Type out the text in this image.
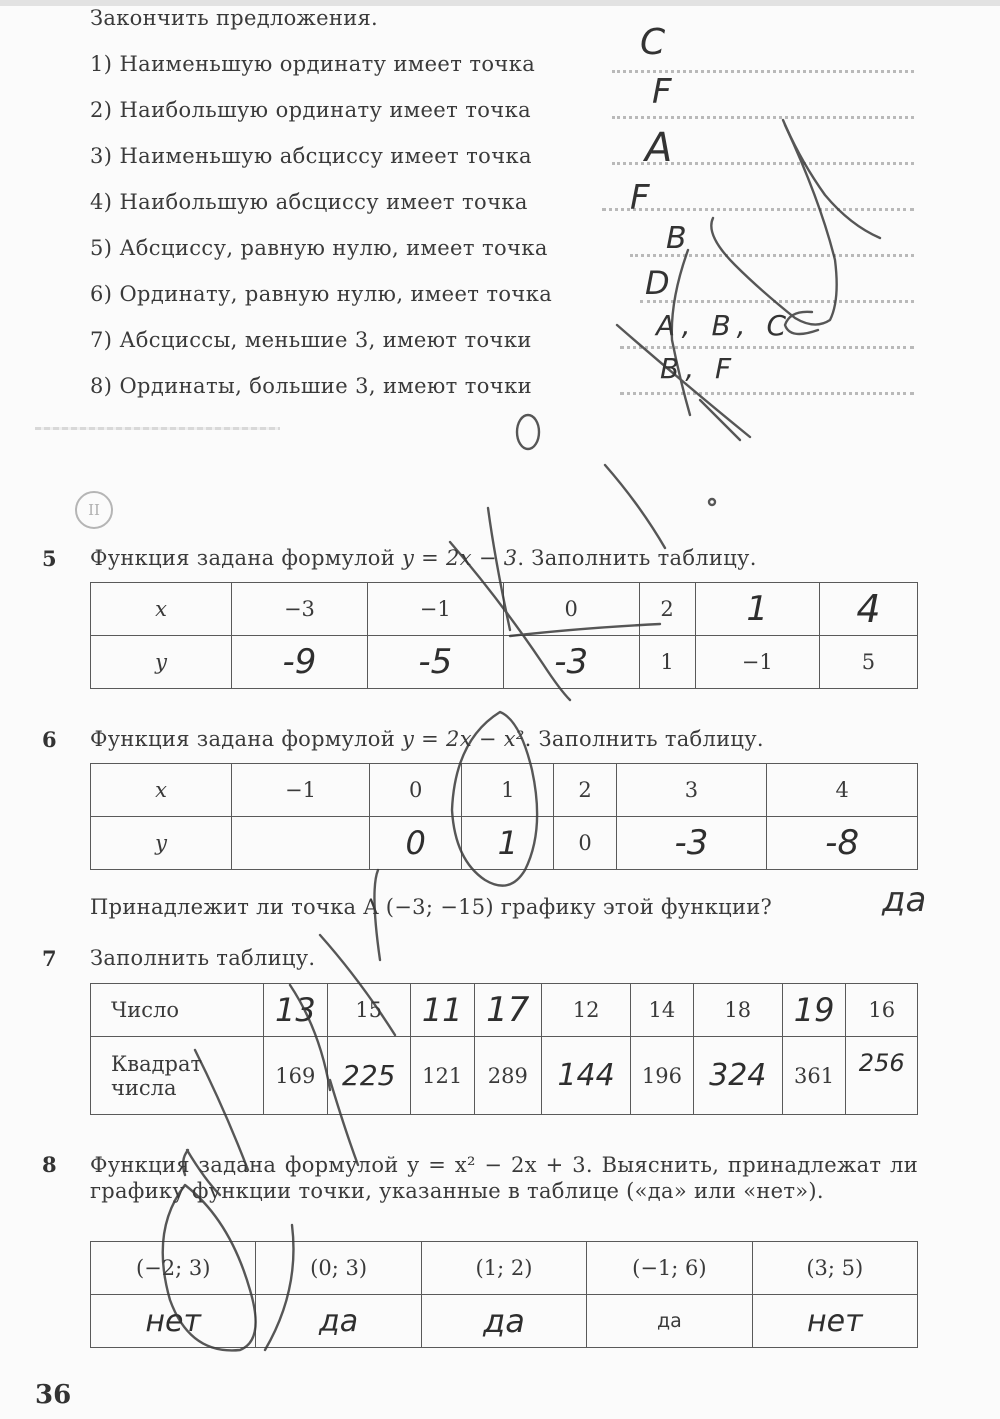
Закончить предложения.
1) Наименьшую ординату имеет точка
2) Наибольшую ординату имеет точка
3) Наименьшую абсциссу имеет точка
4) Наибольшую абсциссу имеет точка
5) Абсциссу, равную нулю, имеет точка
6) Ординату, равную нулю, имеет точка
7) Абсциссы, меньшие 3, имеют точки
8) Ординаты, большие 3, имеют точки
C
F
A
F
B
D
A, B, C
B, F
II
5 Функция задана формулой y = 2x − 3. Заполнить таблицу.
x	−3	−1	0	2	1	4
y	-9	-5	-3	1	−1	5
6 Функция задана формулой y = 2x − x². Заполнить таблицу.
x	−1	0	1	2	3	4
y		0	1	0	-3	-8
Принадлежит ли точка A (−3; −15) графику этой функции?	да
7 Заполнить таблицу.
Число	13	15	11	17	12	14	18	19	16
Квадрат числа	169	225	121	289	144	196	324	361	256
8 Функция задана формулой y = x² − 2x + 3. Выяснить, принадлежат ли графику функции точки, указанные в таблице («да» или «нет»).
(−2; 3)	(0; 3)	(1; 2)	(−1; 6)	(3; 5)
нет	да	да	да	нет
36
